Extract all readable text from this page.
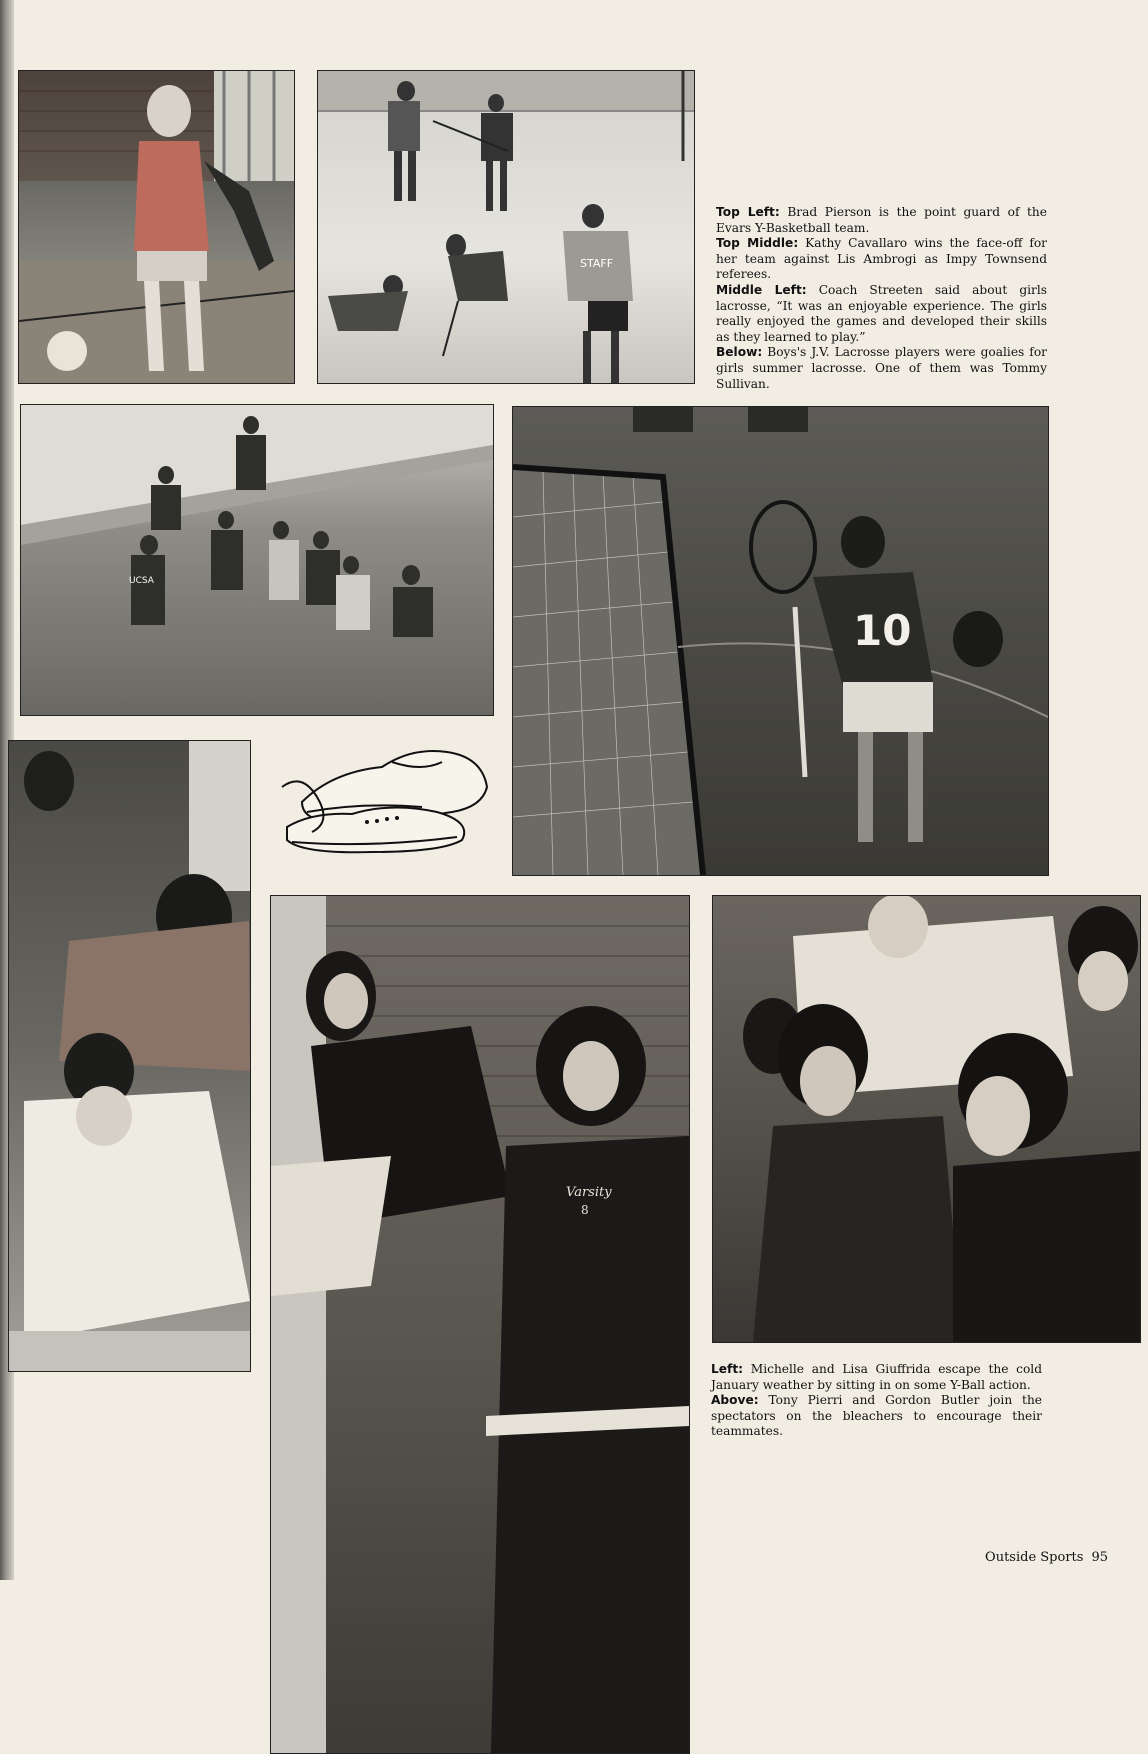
STAFF

Top Left: Brad Pierson is the point guard of the Evars Y-Basketball team.

Top Middle: Kathy Cavallaro wins the face-off for her team against Lis Ambrogi as Impy Townsend referees.

Middle Left: Coach Streeten said about girls lacrosse, “It was an enjoyable experience. The girls really enjoyed the games and developed their skills as they learned to play.”

Below: Boys's J.V. Lacrosse players were goalies for girls summer lacrosse. One of them was Tommy Sullivan.

UCSA
10
Varsity
8

Left: Michelle and Lisa Giuffrida escape the cold January weather by sitting in on some Y-Ball action.

Above: Tony Pierri and Gordon Butler join the spectators on the bleachers to encourage their teammates.

Outside Sports 95
